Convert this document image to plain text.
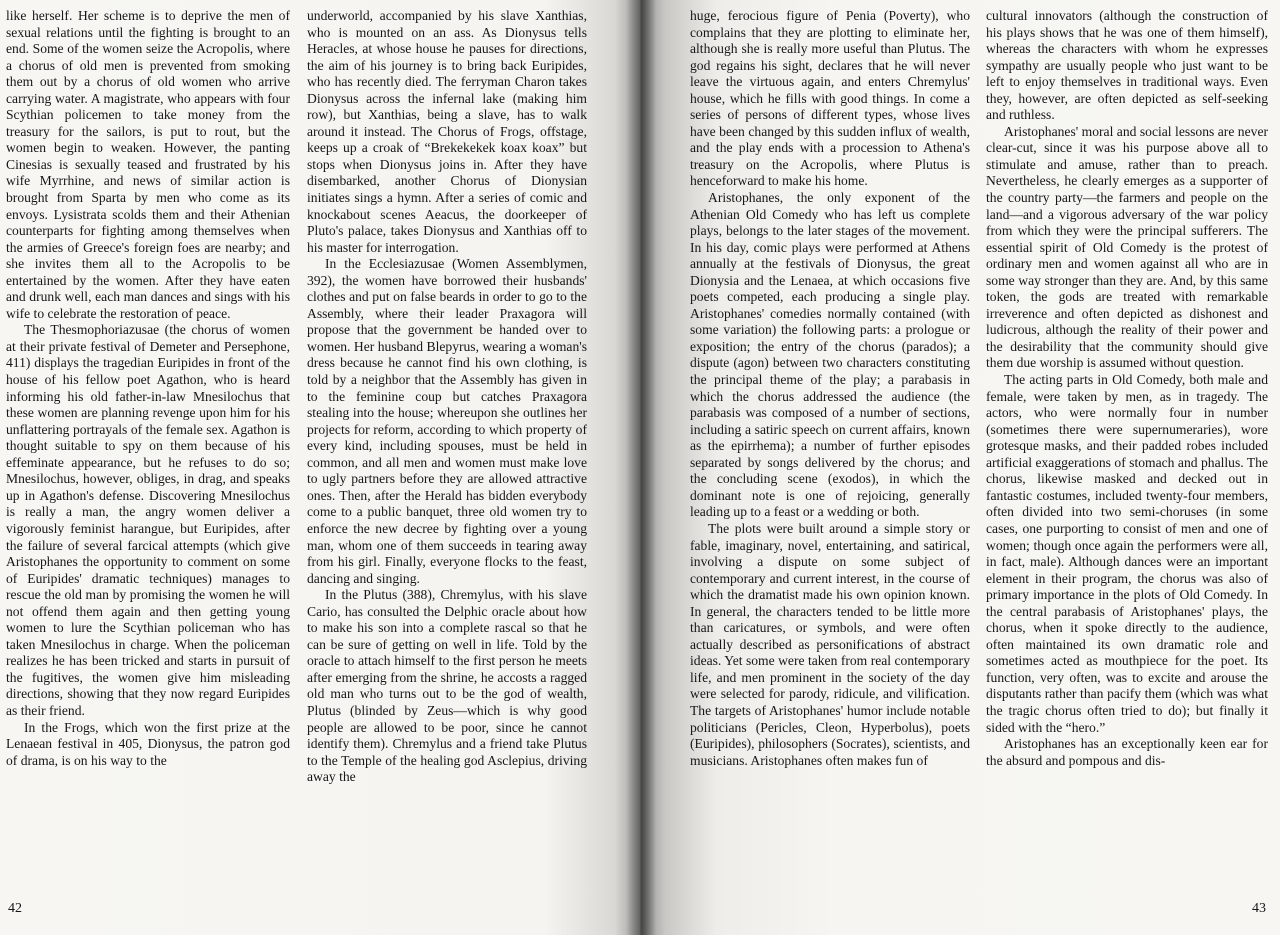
like herself. Her scheme is to deprive the men of sexual relations until the fighting is brought to an end. Some of the women seize the Acropolis, where a chorus of old men is prevented from smoking them out by a chorus of old women who arrive carrying water. A magistrate, who appears with four Scythian policemen to take money from the treasury for the sailors, is put to rout, but the women begin to weaken. However, the panting Cinesias is sexually teased and frustrated by his wife Myrrhine, and news of similar action is brought from Sparta by men who come as its envoys. Lysistrata scolds them and their Athenian counterparts for fighting among themselves when the armies of Greece's foreign foes are nearby; and she invites them all to the Acropolis to be entertained by the women. After they have eaten and drunk well, each man dances and sings with his wife to celebrate the restoration of peace.

The Thesmophoriazusae (the chorus of women at their private festival of Demeter and Persephone, 411) displays the tragedian Euripides in front of the house of his fellow poet Agathon, who is heard informing his old father-in-law Mnesilochus that these women are planning revenge upon him for his unflattering portrayals of the female sex. Agathon is thought suitable to spy on them because of his effeminate appearance, but he refuses to do so; Mnesilochus, however, obliges, in drag, and speaks up in Agathon's defense. Discovering Mnesilochus is really a man, the angry women deliver a vigorously feminist harangue, but Euripides, after the failure of several farcical attempts (which give Aristophanes the opportunity to comment on some of Euripides' dramatic techniques) manages to rescue the old man by promising the women he will not offend them again and then getting young women to lure the Scythian policeman who has taken Mnesilochus in charge. When the policeman realizes he has been tricked and starts in pursuit of the fugitives, the women give him misleading directions, showing that they now regard Euripides as their friend.

In the Frogs, which won the first prize at the Lenaean festival in 405, Dionysus, the patron god of drama, is on his way to the

underworld, accompanied by his slave Xanthias, who is mounted on an ass. As Dionysus tells Heracles, at whose house he pauses for directions, the aim of his journey is to bring back Euripides, who has recently died. The ferryman Charon takes Dionysus across the infernal lake (making him row), but Xanthias, being a slave, has to walk around it instead. The Chorus of Frogs, offstage, keeps up a croak of “Brekekekek koax koax” but stops when Dionysus joins in. After they have disembarked, another Chorus of Dionysian initiates sings a hymn. After a series of comic and knockabout scenes Aeacus, the doorkeeper of Pluto's palace, takes Dionysus and Xanthias off to his master for interrogation.

In the Ecclesiazusae (Women Assemblymen, 392), the women have borrowed their husbands' clothes and put on false beards in order to go to the Assembly, where their leader Praxagora will propose that the government be handed over to women. Her husband Blepyrus, wearing a woman's dress because he cannot find his own clothing, is told by a neighbor that the Assembly has given in to the feminine coup but catches Praxagora stealing into the house; whereupon she outlines her projects for reform, according to which property of every kind, including spouses, must be held in common, and all men and women must make love to ugly partners before they are allowed attractive ones. Then, after the Herald has bidden everybody come to a public banquet, three old women try to enforce the new decree by fighting over a young man, whom one of them succeeds in tearing away from his girl. Finally, everyone flocks to the feast, dancing and singing.

In the Plutus (388), Chremylus, with his slave Cario, has consulted the Delphic oracle about how to make his son into a complete rascal so that he can be sure of getting on well in life. Told by the oracle to attach himself to the first person he meets after emerging from the shrine, he accosts a ragged old man who turns out to be the god of wealth, Plutus (blinded by Zeus—which is why good people are allowed to be poor, since he cannot identify them). Chremylus and a friend take Plutus to the Temple of the healing god Asclepius, driving away the

42

huge, ferocious figure of Penia (Poverty), who complains that they are plotting to eliminate her, although she is really more useful than Plutus. The god regains his sight, declares that he will never leave the virtuous again, and enters Chremylus' house, which he fills with good things. In come a series of persons of different types, whose lives have been changed by this sudden influx of wealth, and the play ends with a procession to Athena's treasury on the Acropolis, where Plutus is henceforward to make his home.

Aristophanes, the only exponent of the Athenian Old Comedy who has left us complete plays, belongs to the later stages of the movement. In his day, comic plays were performed at Athens annually at the festivals of Dionysus, the great Dionysia and the Lenaea, at which occasions five poets competed, each producing a single play. Aristophanes' comedies normally contained (with some variation) the following parts: a prologue or exposition; the entry of the chorus (parados); a dispute (agon) between two characters constituting the principal theme of the play; a parabasis in which the chorus addressed the audience (the parabasis was composed of a number of sections, including a satiric speech on current affairs, known as the epirrhema); a number of further episodes separated by songs delivered by the chorus; and the concluding scene (exodos), in which the dominant note is one of rejoicing, generally leading up to a feast or a wedding or both.

The plots were built around a simple story or fable, imaginary, novel, entertaining, and satirical, involving a dispute on some subject of contemporary and current interest, in the course of which the dramatist made his own opinion known. In general, the characters tended to be little more than caricatures, or symbols, and were often actually described as personifications of abstract ideas. Yet some were taken from real contemporary life, and men prominent in the society of the day were selected for parody, ridicule, and vilification. The targets of Aristophanes' humor include notable politicians (Pericles, Cleon, Hyperbolus), poets (Euripides), philosophers (Socrates), scientists, and musicians. Aristophanes often makes fun of

cultural innovators (although the construction of his plays shows that he was one of them himself), whereas the characters with whom he expresses sympathy are usually people who just want to be left to enjoy themselves in traditional ways. Even they, however, are often depicted as self-seeking and ruthless.

Aristophanes' moral and social lessons are never clear-cut, since it was his purpose above all to stimulate and amuse, rather than to preach. Nevertheless, he clearly emerges as a supporter of the country party—the farmers and people on the land—and a vigorous adversary of the war policy from which they were the principal sufferers. The essential spirit of Old Comedy is the protest of ordinary men and women against all who are in some way stronger than they are. And, by this same token, the gods are treated with remarkable irreverence and often depicted as dishonest and ludicrous, although the reality of their power and the desirability that the community should give them due worship is assumed without question.

The acting parts in Old Comedy, both male and female, were taken by men, as in tragedy. The actors, who were normally four in number (sometimes there were supernumeraries), wore grotesque masks, and their padded robes included artificial exaggerations of stomach and phallus. The chorus, likewise masked and decked out in fantastic costumes, included twenty-four members, often divided into two semi-choruses (in some cases, one purporting to consist of men and one of women; though once again the performers were all, in fact, male). Although dances were an important element in their program, the chorus was also of primary importance in the plots of Old Comedy. In the central parabasis of Aristophanes' plays, the chorus, when it spoke directly to the audience, often maintained its own dramatic role and sometimes acted as mouthpiece for the poet. Its function, very often, was to excite and arouse the disputants rather than pacify them (which was what the tragic chorus often tried to do); but finally it sided with the “hero.”

Aristophanes has an exceptionally keen ear for the absurd and pompous and dis-

43
